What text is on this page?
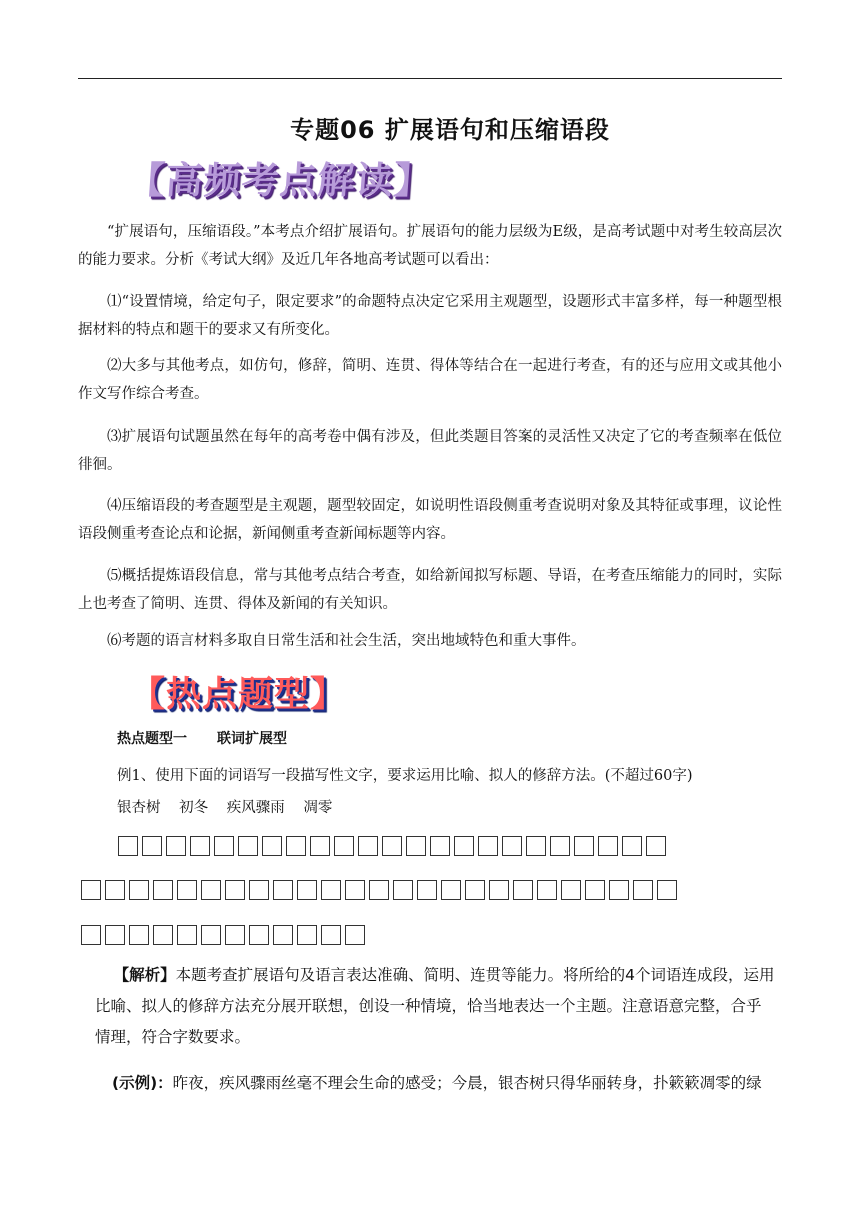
专题06 扩展语句和压缩语段
【高频考点解读】
“扩展语句，压缩语段。”本考点介绍扩展语句。扩展语句的能力层级为E级，是高考试题中对考生较高层次的能力要求。分析《考试大纲》及近几年各地高考试题可以看出：
⑴“设置情境，给定句子，限定要求”的命题特点决定它采用主观题型，设题形式丰富多样，每一种题型根据材料的特点和题干的要求又有所变化。
⑵大多与其他考点，如仿句，修辞，简明、连贯、得体等结合在一起进行考查，有的还与应用文或其他小作文写作综合考查。
⑶扩展语句试题虽然在每年的高考卷中偶有涉及，但此类题目答案的灵活性又决定了它的考查频率在低位徘徊。
⑷压缩语段的考查题型是主观题，题型较固定，如说明性语段侧重考查说明对象及其特征或事理，议论性语段侧重考查论点和论据，新闻侧重考查新闻标题等内容。
⑸概括提炼语段信息，常与其他考点结合考查，如给新闻拟写标题、导语，在考查压缩能力的同时，实际上也考查了简明、连贯、得体及新闻的有关知识。
⑹考题的语言材料多取自日常生活和社会生活，突出地域特色和重大事件。
【热点题型】
热点题型一 联词扩展型
例1、使用下面的词语写一段描写性文字，要求运用比喻、拟人的修辞方法。(不超过60字)
银杏树 初冬 疾风骤雨 凋零
【解析】本题考查扩展语句及语言表达准确、简明、连贯等能力。将所给的4个词语连成段，运用比喻、拟人的修辞方法充分展开联想，创设一种情境，恰当地表达一个主题。注意语意完整，合乎情理，符合字数要求。
(示例)：昨夜，疾风骤雨丝毫不理会生命的感受；今晨，银杏树只得华丽转身，扑簌簌凋零的绿
